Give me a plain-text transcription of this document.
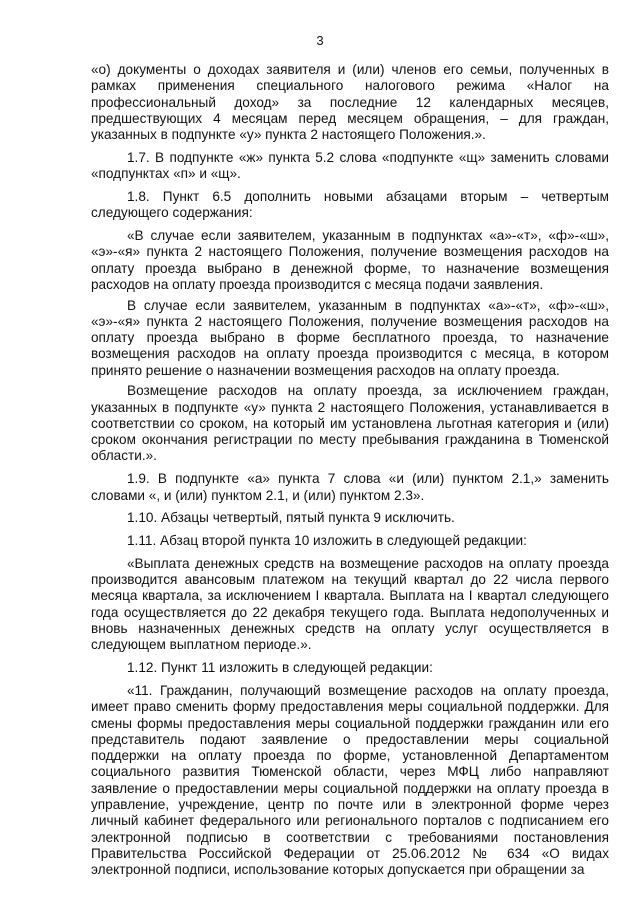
3

«о) документы о доходах заявителя и (или) членов его семьи, полученных в рамках применения специального налогового режима «Налог на профессиональный доход» за последние 12 календарных месяцев, предшествующих 4 месяцам перед месяцем обращения, – для граждан, указанных в подпункте «у» пункта 2 настоящего Положения.».

1.7. В подпункте «ж» пункта 5.2 слова «подпункте «щ» заменить словами «подпунктах «п» и «щ».

1.8. Пункт 6.5 дополнить новыми абзацами вторым – четвертым следующего содержания:

«В случае если заявителем, указанным в подпунктах «а»-«т», «ф»-«ш», «э»-«я» пункта 2 настоящего Положения, получение возмещения расходов на оплату проезда выбрано в денежной форме, то назначение возмещения расходов на оплату проезда производится с месяца подачи заявления.

В случае если заявителем, указанным в подпунктах «а»-«т», «ф»-«ш», «э»-«я» пункта 2 настоящего Положения, получение возмещения расходов на оплату проезда выбрано в форме бесплатного проезда, то назначение возмещения расходов на оплату проезда производится с месяца, в котором принято решение о назначении возмещения расходов на оплату проезда.

Возмещение расходов на оплату проезда, за исключением граждан, указанных в подпункте «у» пункта 2 настоящего Положения, устанавливается в соответствии со сроком, на который им установлена льготная категория и (или) сроком окончания регистрации по месту пребывания гражданина в Тюменской области.».

1.9. В подпункте «а» пункта 7 слова «и (или) пунктом 2.1,» заменить словами «, и (или) пунктом 2.1, и (или) пунктом 2.3».

1.10. Абзацы четвертый, пятый пункта 9 исключить.

1.11. Абзац второй пункта 10 изложить в следующей редакции:

«Выплата денежных средств на возмещение расходов на оплату проезда производится авансовым платежом на текущий квартал до 22 числа первого месяца квартала, за исключением I квартала. Выплата на I квартал следующего года осуществляется до 22 декабря текущего года. Выплата недополученных и вновь назначенных денежных средств на оплату услуг осуществляется в следующем выплатном периоде.».

1.12. Пункт 11 изложить в следующей редакции:

«11. Гражданин, получающий возмещение расходов на оплату проезда, имеет право сменить форму предоставления меры социальной поддержки. Для смены формы предоставления меры социальной поддержки гражданин или его представитель подают заявление о предоставлении меры социальной поддержки на оплату проезда по форме, установленной Департаментом социального развития Тюменской области, через МФЦ либо направляют заявление о предоставлении меры социальной поддержки на оплату проезда в управление, учреждение, центр по почте или в электронной форме через личный кабинет федерального или регионального порталов с подписанием его электронной подписью в соответствии с требованиями постановления Правительства Российской Федерации от 25.06.2012 № 634 «О видах электронной подписи, использование которых допускается при обращении за
